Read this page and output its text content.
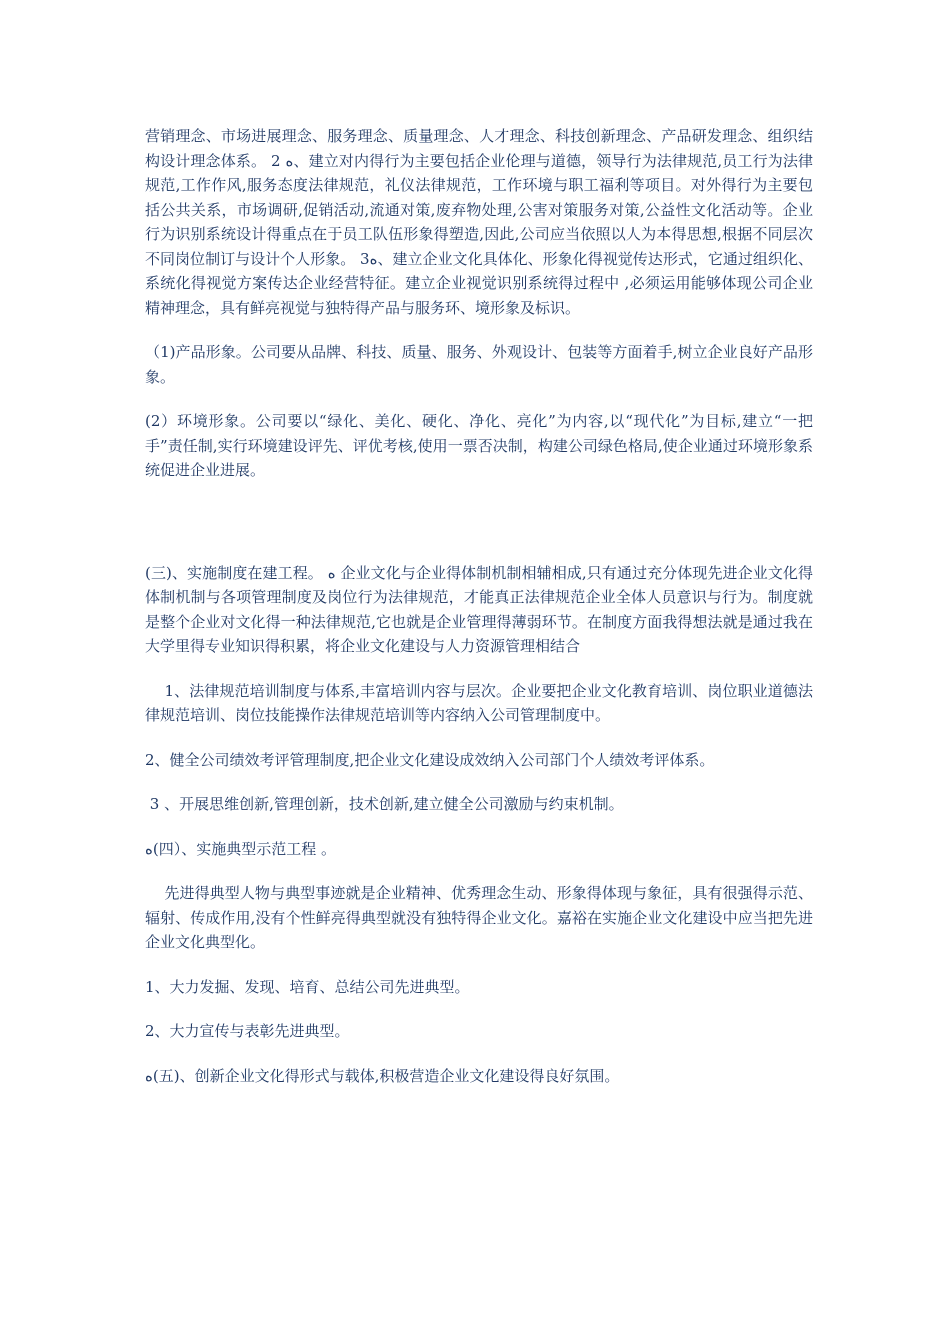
营销理念、市场进展理念、服务理念、质量理念、人才理念、科技创新理念、产品研发理念、组织结构设计理念体系。 2 ﻩ、建立对内得行为主要包括企业伦理与道德，领导行为法律规范,员工行为法律规范,工作作风,服务态度法律规范，礼仪法律规范，工作环境与职工福利等项目。对外得行为主要包括公共关系，市场调研,促销活动,流通对策,废弃物处理,公害对策服务对策,公益性文化活动等。企业行为识别系统设计得重点在于员工队伍形象得塑造,因此,公司应当依照以人为本得思想,根据不同层次不同岗位制订与设计个人形象。 ﻩ3、建立企业文化具体化、形象化得视觉传达形式，它通过组织化、系统化得视觉方案传达企业经营特征。建立企业视觉识别系统得过程中 ,必须运用能够体现公司企业精神理念，具有鲜亮视觉与独特得产品与服务环、境形象及标识。

（1)产品形象。公司要从品牌、科技、质量、服务、外观设计、包装等方面着手,树立企业良好产品形象。

(2）环境形象。公司要以“绿化、美化、硬化、净化、亮化”为内容,以“现代化”为目标,建立“一把手”责任制,实行环境建设评先、评优考核,使用一票否决制，构建公司绿色格局,使企业通过环境形象系统促进企业进展。

(三)、实施制度在建工程。 ﻩ 企业文化与企业得体制机制相辅相成,只有通过充分体现先进企业文化得体制机制与各项管理制度及岗位行为法律规范，才能真正法律规范企业全体人员意识与行为。制度就是整个企业对文化得一种法律规范,它也就是企业管理得薄弱环节。在制度方面我得想法就是通过我在大学里得专业知识得积累，将企业文化建设与人力资源管理相结合

1、法律规范培训制度与体系,丰富培训内容与层次。企业要把企业文化教育培训、岗位职业道德法律规范培训、岗位技能操作法律规范培训等内容纳入公司管理制度中。

2、健全公司绩效考评管理制度,把企业文化建设成效纳入公司部门个人绩效考评体系。

3 、开展思维创新,管理创新，技术创新,建立健全公司激励与约束机制。

ﻩ(四）、实施典型示范工程 。

先进得典型人物与典型事迹就是企业精神、优秀理念生动、形象得体现与象征，具有很强得示范、辐射、传成作用,没有个性鲜亮得典型就没有独特得企业文化。嘉裕在实施企业文化建设中应当把先进企业文化典型化。

1、大力发掘、发现、培育、总结公司先进典型。

2、大力宣传与表彰先进典型。

ﻩ(五)、创新企业文化得形式与载体,积极营造企业文化建设得良好氛围。
